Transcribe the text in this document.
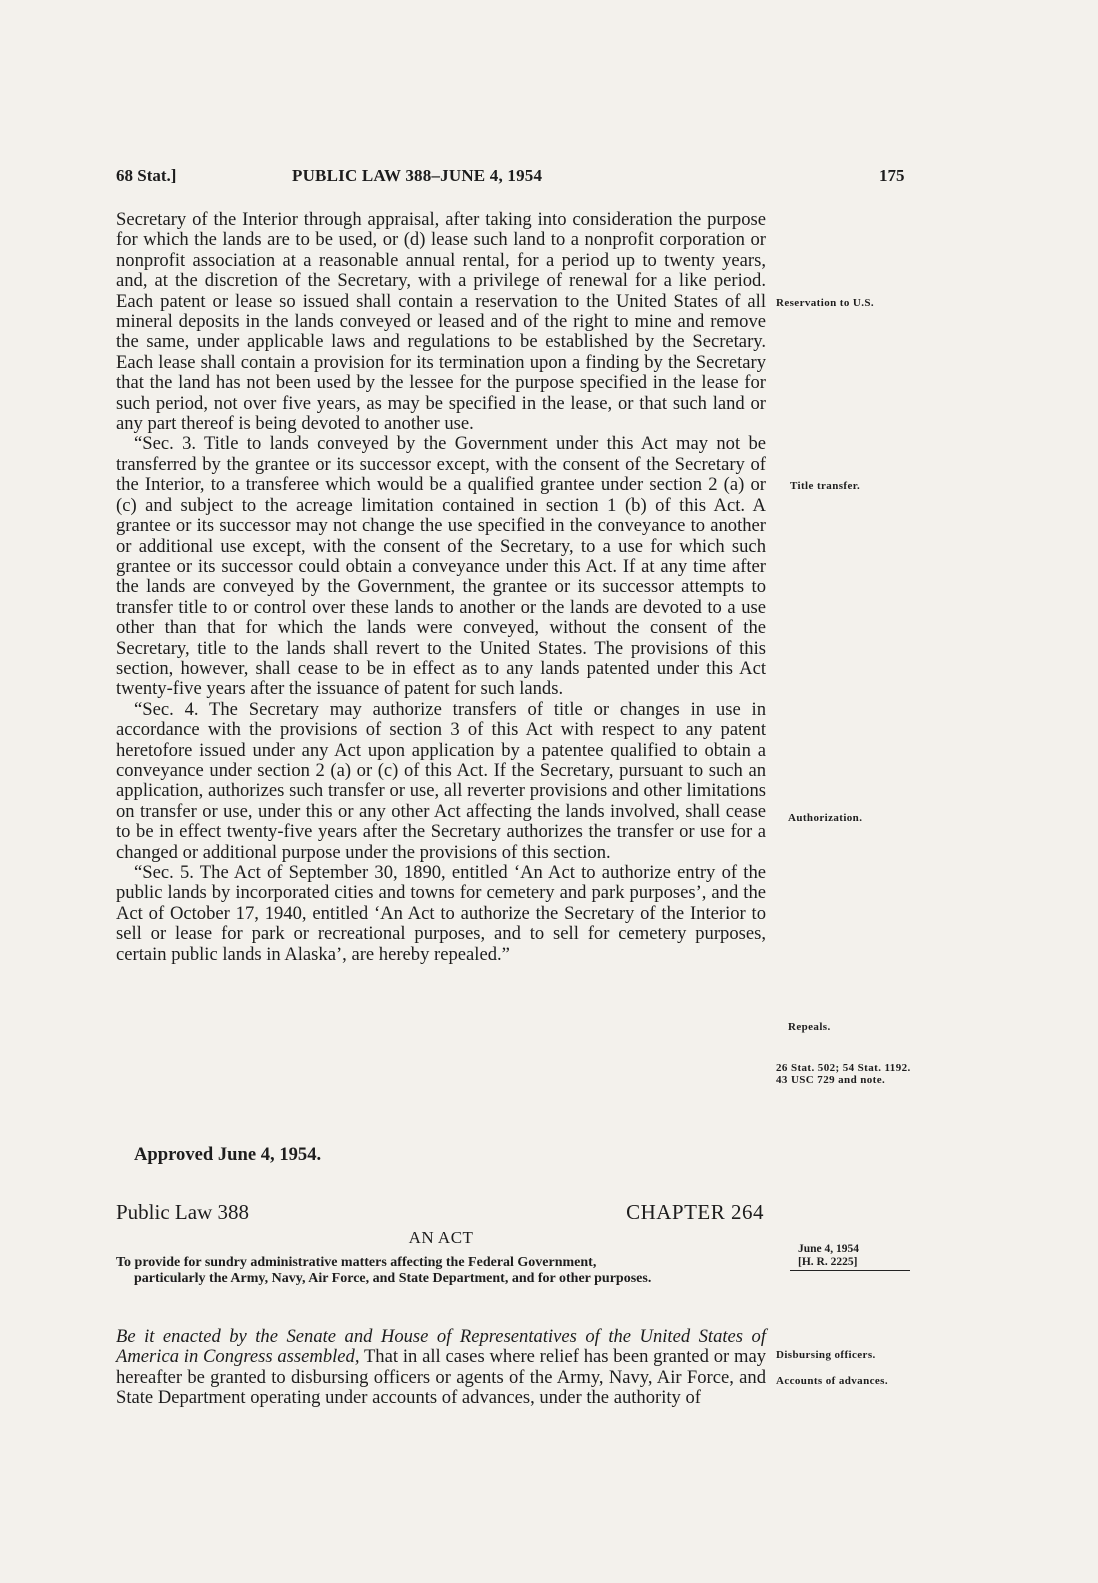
68 Stat.]	PUBLIC LAW 388–JUNE 4, 1954	175

Secretary of the Interior through appraisal, after taking into consideration the purpose for which the lands are to be used, or (d) lease such land to a nonprofit corporation or nonprofit association at a reasonable annual rental, for a period up to twenty years, and, at the discretion of the Secretary, with a privilege of renewal for a like period. Each patent or lease so issued shall contain a reservation to the United States of all mineral deposits in the lands conveyed or leased and of the right to mine and remove the same, under applicable laws and regulations to be established by the Secretary. Each lease shall contain a provision for its termination upon a finding by the Secretary that the land has not been used by the lessee for the purpose specified in the lease for such period, not over five years, as may be specified in the lease, or that such land or any part thereof is being devoted to another use.

“Sec. 3. Title to lands conveyed by the Government under this Act may not be transferred by the grantee or its successor except, with the consent of the Secretary of the Interior, to a transferee which would be a qualified grantee under section 2 (a) or (c) and subject to the acreage limitation contained in section 1 (b) of this Act. A grantee or its successor may not change the use specified in the conveyance to another or additional use except, with the consent of the Secretary, to a use for which such grantee or its successor could obtain a conveyance under this Act. If at any time after the lands are conveyed by the Government, the grantee or its successor attempts to transfer title to or control over these lands to another or the lands are devoted to a use other than that for which the lands were conveyed, without the consent of the Secretary, title to the lands shall revert to the United States. The provisions of this section, however, shall cease to be in effect as to any lands patented under this Act twenty-five years after the issuance of patent for such lands.

“Sec. 4. The Secretary may authorize transfers of title or changes in use in accordance with the provisions of section 3 of this Act with respect to any patent heretofore issued under any Act upon application by a patentee qualified to obtain a conveyance under section 2 (a) or (c) of this Act. If the Secretary, pursuant to such an application, authorizes such transfer or use, all reverter provisions and other limitations on transfer or use, under this or any other Act affecting the lands involved, shall cease to be in effect twenty-five years after the Secretary authorizes the transfer or use for a changed or additional purpose under the provisions of this section.

“Sec. 5. The Act of September 30, 1890, entitled ‘An Act to authorize entry of the public lands by incorporated cities and towns for cemetery and park purposes’, and the Act of October 17, 1940, entitled ‘An Act to authorize the Secretary of the Interior to sell or lease for park or recreational purposes, and to sell for cemetery purposes, certain public lands in Alaska’, are hereby repealed.”

Approved June 4, 1954.
Public Law 388	CHAPTER 264
AN ACT
To provide for sundry administrative matters affecting the Federal Government,
particularly the Army, Navy, Air Force, and State Department, and for other purposes.
Be it enacted by the Senate and House of Representatives of the United States of America in Congress assembled, That in all cases where relief has been granted or may hereafter be granted to disbursing officers or agents of the Army, Navy, Air Force, and State Department operating under accounts of advances, under the authority of
Reservation to U.S.
Title transfer.
Authorization.
Repeals.
26 Stat. 502; 54 Stat. 1192. 43 USC 729 and note.
June 4, 1954
[H. R. 2225]
Disbursing officers.
Accounts of advances.
